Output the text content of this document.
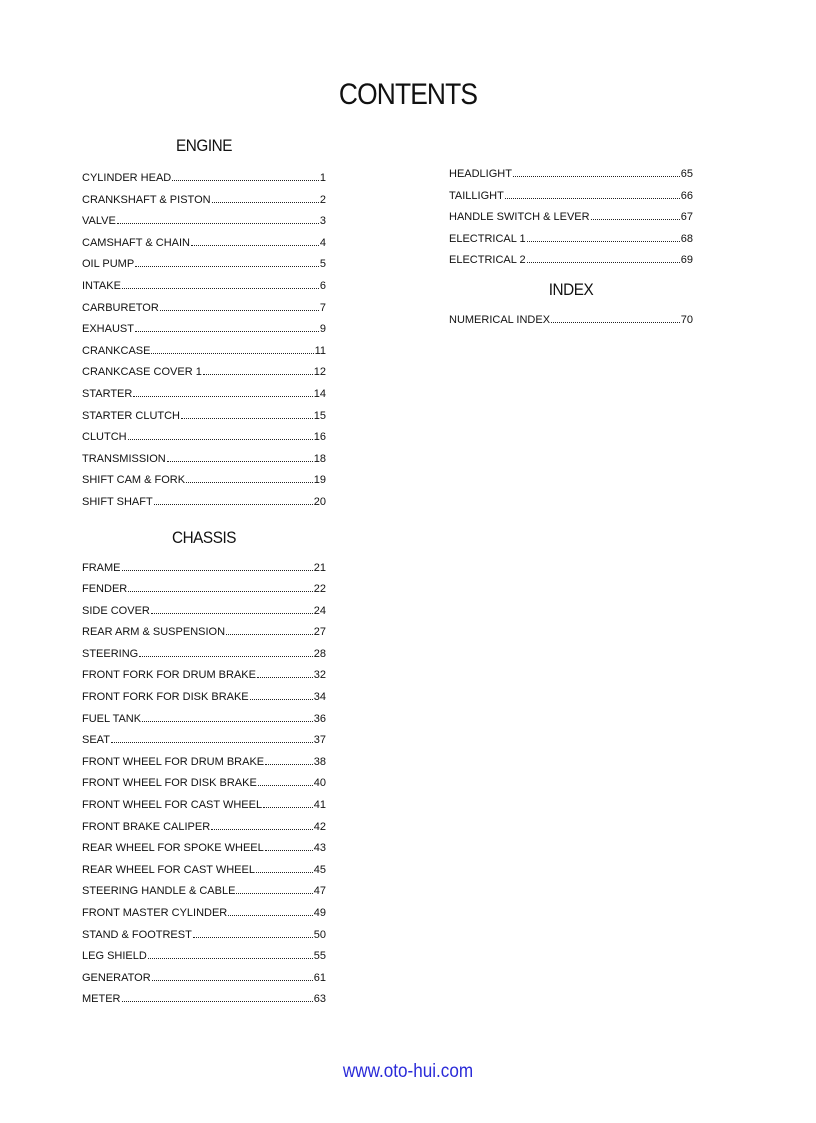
CONTENTS
ENGINE
CYLINDER HEAD	1
CRANKSHAFT & PISTON	2
VALVE	3
CAMSHAFT & CHAIN	4
OIL PUMP	5
INTAKE	6
CARBURETOR	7
EXHAUST	9
CRANKCASE	11
CRANKCASE COVER 1	12
STARTER	14
STARTER CLUTCH	15
CLUTCH	16
TRANSMISSION	18
SHIFT CAM & FORK	19
SHIFT SHAFT	20
CHASSIS
FRAME	21
FENDER	22
SIDE COVER	24
REAR ARM & SUSPENSION	27
STEERING	28
FRONT FORK FOR DRUM BRAKE	32
FRONT FORK FOR DISK BRAKE	34
FUEL TANK	36
SEAT	37
FRONT WHEEL FOR DRUM BRAKE	38
FRONT WHEEL FOR DISK BRAKE	40
FRONT WHEEL FOR CAST WHEEL	41
FRONT BRAKE CALIPER	42
REAR WHEEL FOR SPOKE WHEEL	43
REAR WHEEL FOR CAST WHEEL	45
STEERING HANDLE & CABLE	47
FRONT MASTER CYLINDER	49
STAND & FOOTREST	50
LEG SHIELD	55
GENERATOR	61
METER	63
HEADLIGHT	65
TAILLIGHT	66
HANDLE SWITCH & LEVER	67
ELECTRICAL 1	68
ELECTRICAL 2	69
INDEX
NUMERICAL INDEX	70
www.oto-hui.com
